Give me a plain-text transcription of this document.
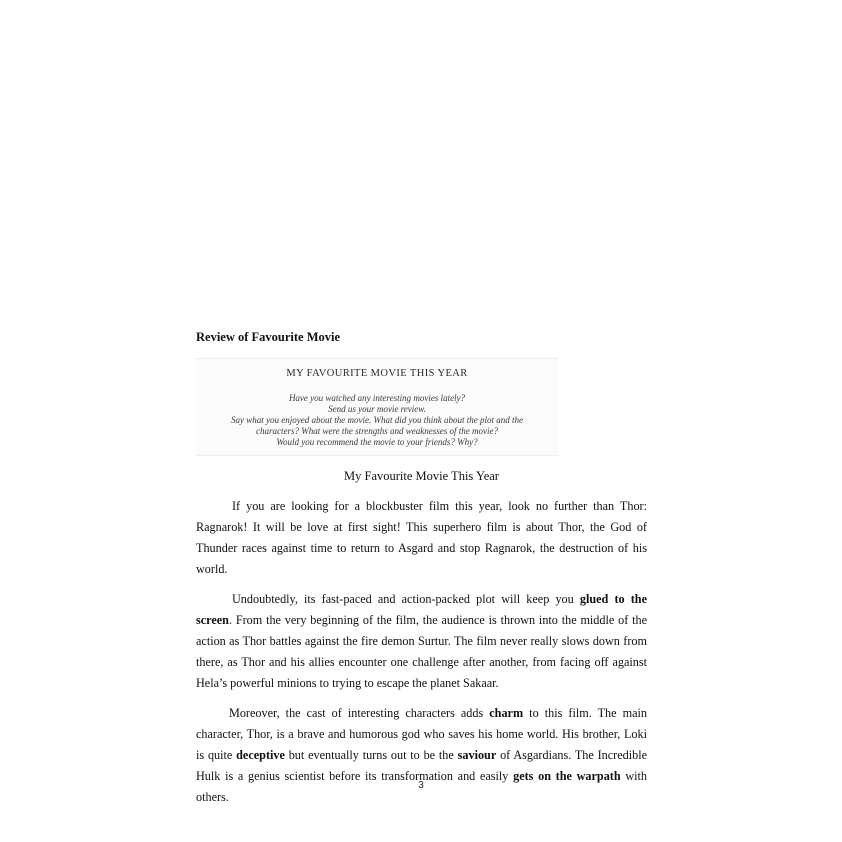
Review of Favourite Movie
MY FAVOURITE MOVIE THIS YEAR
Have you watched any interesting movies lately?
Send us your movie review.
Say what you enjoyed about the movie. What did you think about the plot and the
characters? What were the strengths and weaknesses of the movie?
Would you recommend the movie to your friends? Why?
My Favourite Movie This Year

If you are looking for a blockbuster film this year, look no further than Thor: Ragnarok! It will be love at first sight! This superhero film is about Thor, the God of Thunder races against time to return to Asgard and stop Ragnarok, the destruction of his world.

Undoubtedly, its fast-paced and action-packed plot will keep you glued to the screen. From the very beginning of the film, the audience is thrown into the middle of the action as Thor battles against the fire demon Surtur. The film never really slows down from there, as Thor and his allies encounter one challenge after another, from facing off against Hela’s powerful minions to trying to escape the planet Sakaar.

Moreover, the cast of interesting characters adds charm to this film. The main character, Thor, is a brave and humorous god who saves his home world. His brother, Loki is quite deceptive but eventually turns out to be the saviour of Asgardians. The Incredible Hulk is a genius scientist before its transformation and easily gets on the warpath with others.

3
